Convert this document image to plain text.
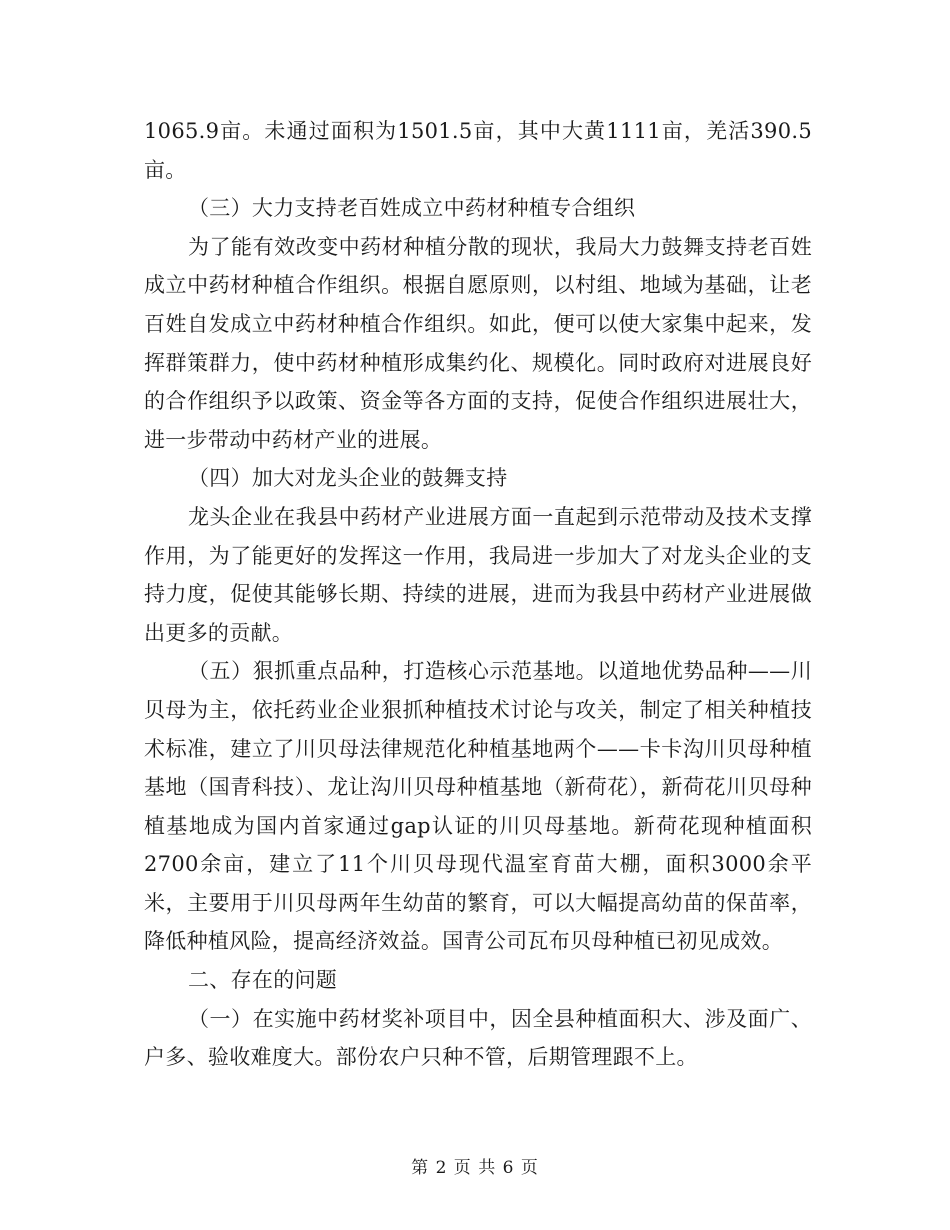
1065.9亩。未通过面积为1501.5亩，其中大黄1111亩，羌活390.5亩。

（三）大力支持老百姓成立中药材种植专合组织

为了能有效改变中药材种植分散的现状，我局大力鼓舞支持老百姓成立中药材种植合作组织。根据自愿原则，以村组、地域为基础，让老百姓自发成立中药材种植合作组织。如此，便可以使大家集中起来，发挥群策群力，使中药材种植形成集约化、规模化。同时政府对进展良好的合作组织予以政策、资金等各方面的支持，促使合作组织进展壮大，进一步带动中药材产业的进展。

（四）加大对龙头企业的鼓舞支持

龙头企业在我县中药材产业进展方面一直起到示范带动及技术支撑作用，为了能更好的发挥这一作用，我局进一步加大了对龙头企业的支持力度，促使其能够长期、持续的进展，进而为我县中药材产业进展做出更多的贡献。

（五）狠抓重点品种，打造核心示范基地。以道地优势品种——川贝母为主，依托药业企业狠抓种植技术讨论与攻关，制定了相关种植技术标准，建立了川贝母法律规范化种植基地两个——卡卡沟川贝母种植基地（国青科技）、龙让沟川贝母种植基地（新荷花），新荷花川贝母种植基地成为国内首家通过gap认证的川贝母基地。新荷花现种植面积2700余亩，建立了11个川贝母现代温室育苗大棚，面积3000余平米，主要用于川贝母两年生幼苗的繁育，可以大幅提高幼苗的保苗率，降低种植风险，提高经济效益。国青公司瓦布贝母种植已初见成效。

二、存在的问题

（一）在实施中药材奖补项目中，因全县种植面积大、涉及面广、户多、验收难度大。部份农户只种不管，后期管理跟不上。

第 2 页 共 6 页
